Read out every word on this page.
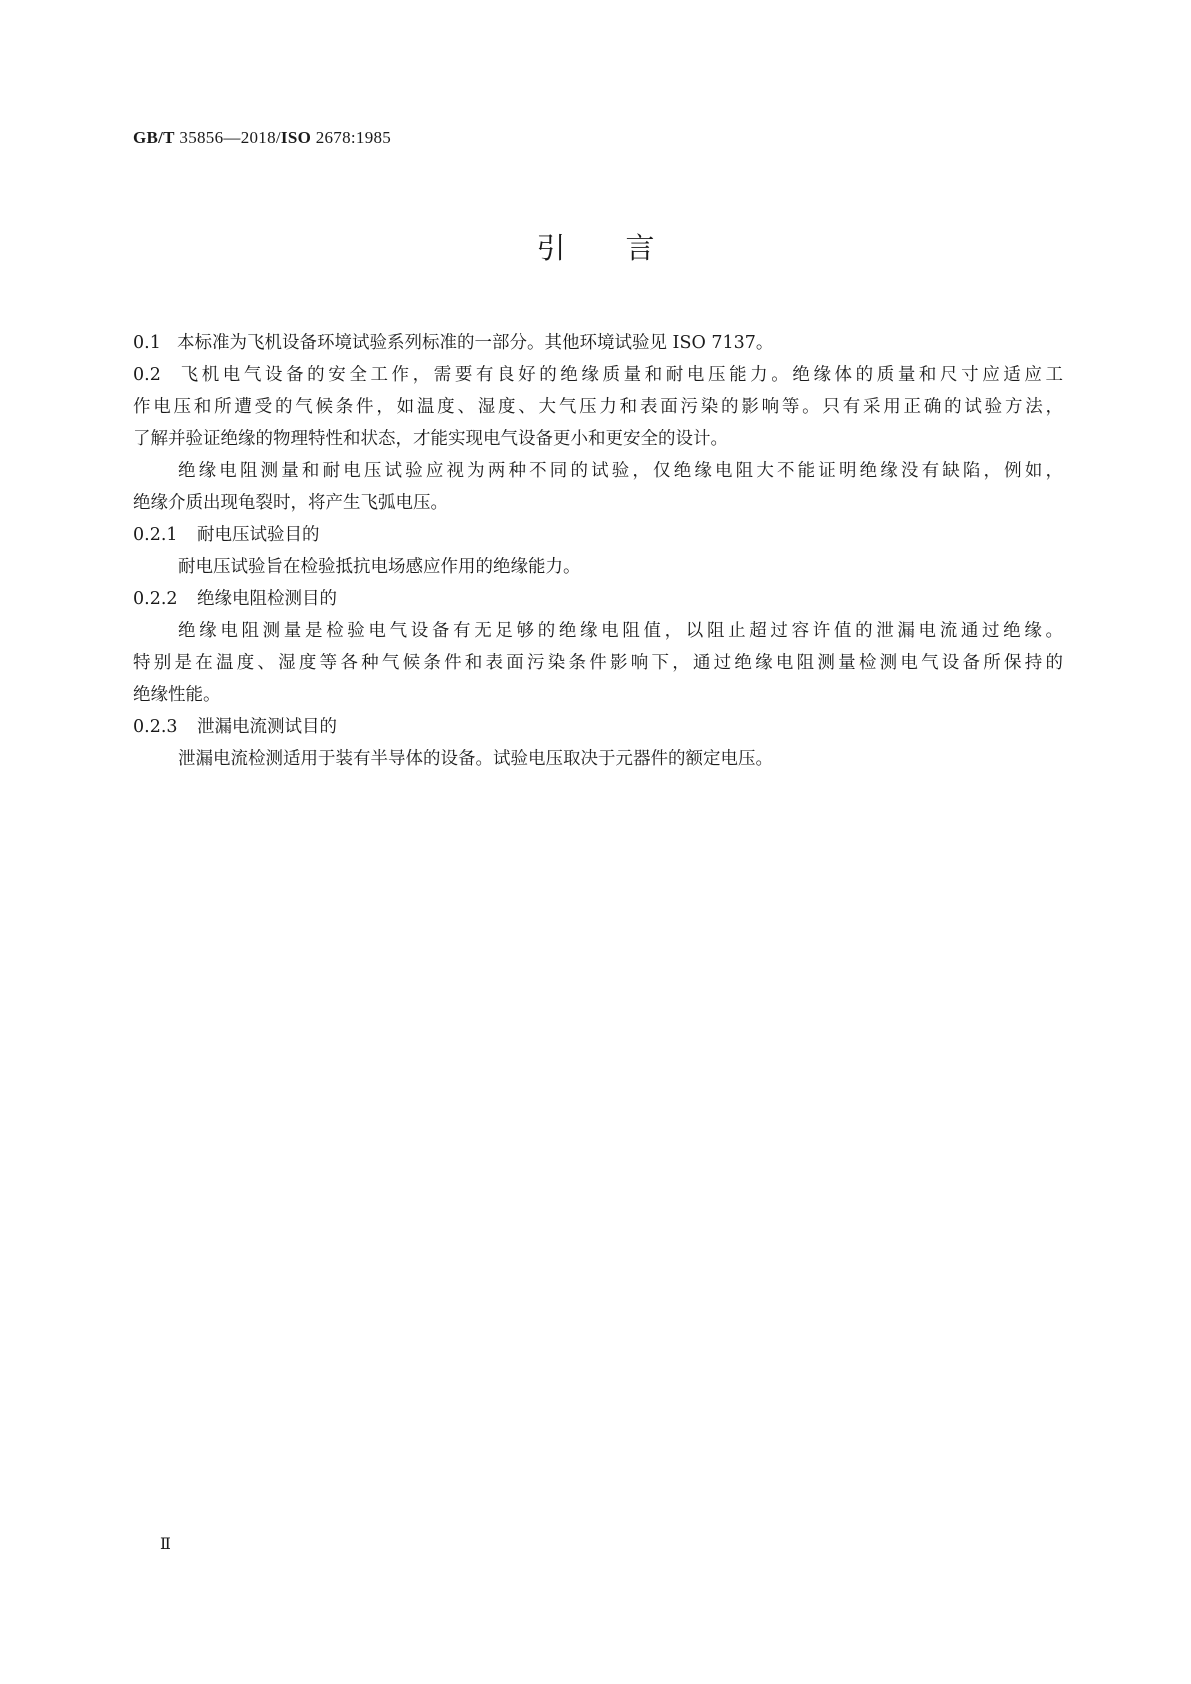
GB/T 35856—2018/ISO 2678:1985
引 言
0.1 本标准为飞机设备环境试验系列标准的一部分。其他环境试验见 ISO 7137。
0.2 飞机电气设备的安全工作，需要有良好的绝缘质量和耐电压能力。绝缘体的质量和尺寸应适应工
作电压和所遭受的气候条件，如温度、湿度、大气压力和表面污染的影响等。只有采用正确的试验方法，
了解并验证绝缘的物理特性和状态，才能实现电气设备更小和更安全的设计。
绝缘电阻测量和耐电压试验应视为两种不同的试验，仅绝缘电阻大不能证明绝缘没有缺陷，例如，
绝缘介质出现龟裂时，将产生飞弧电压。
0.2.1 耐电压试验目的
耐电压试验旨在检验抵抗电场感应作用的绝缘能力。
0.2.2 绝缘电阻检测目的
绝缘电阻测量是检验电气设备有无足够的绝缘电阻值，以阻止超过容许值的泄漏电流通过绝缘。
特别是在温度、湿度等各种气候条件和表面污染条件影响下，通过绝缘电阻测量检测电气设备所保持的
绝缘性能。
0.2.3 泄漏电流测试目的
泄漏电流检测适用于装有半导体的设备。试验电压取决于元器件的额定电压。
Ⅱ
